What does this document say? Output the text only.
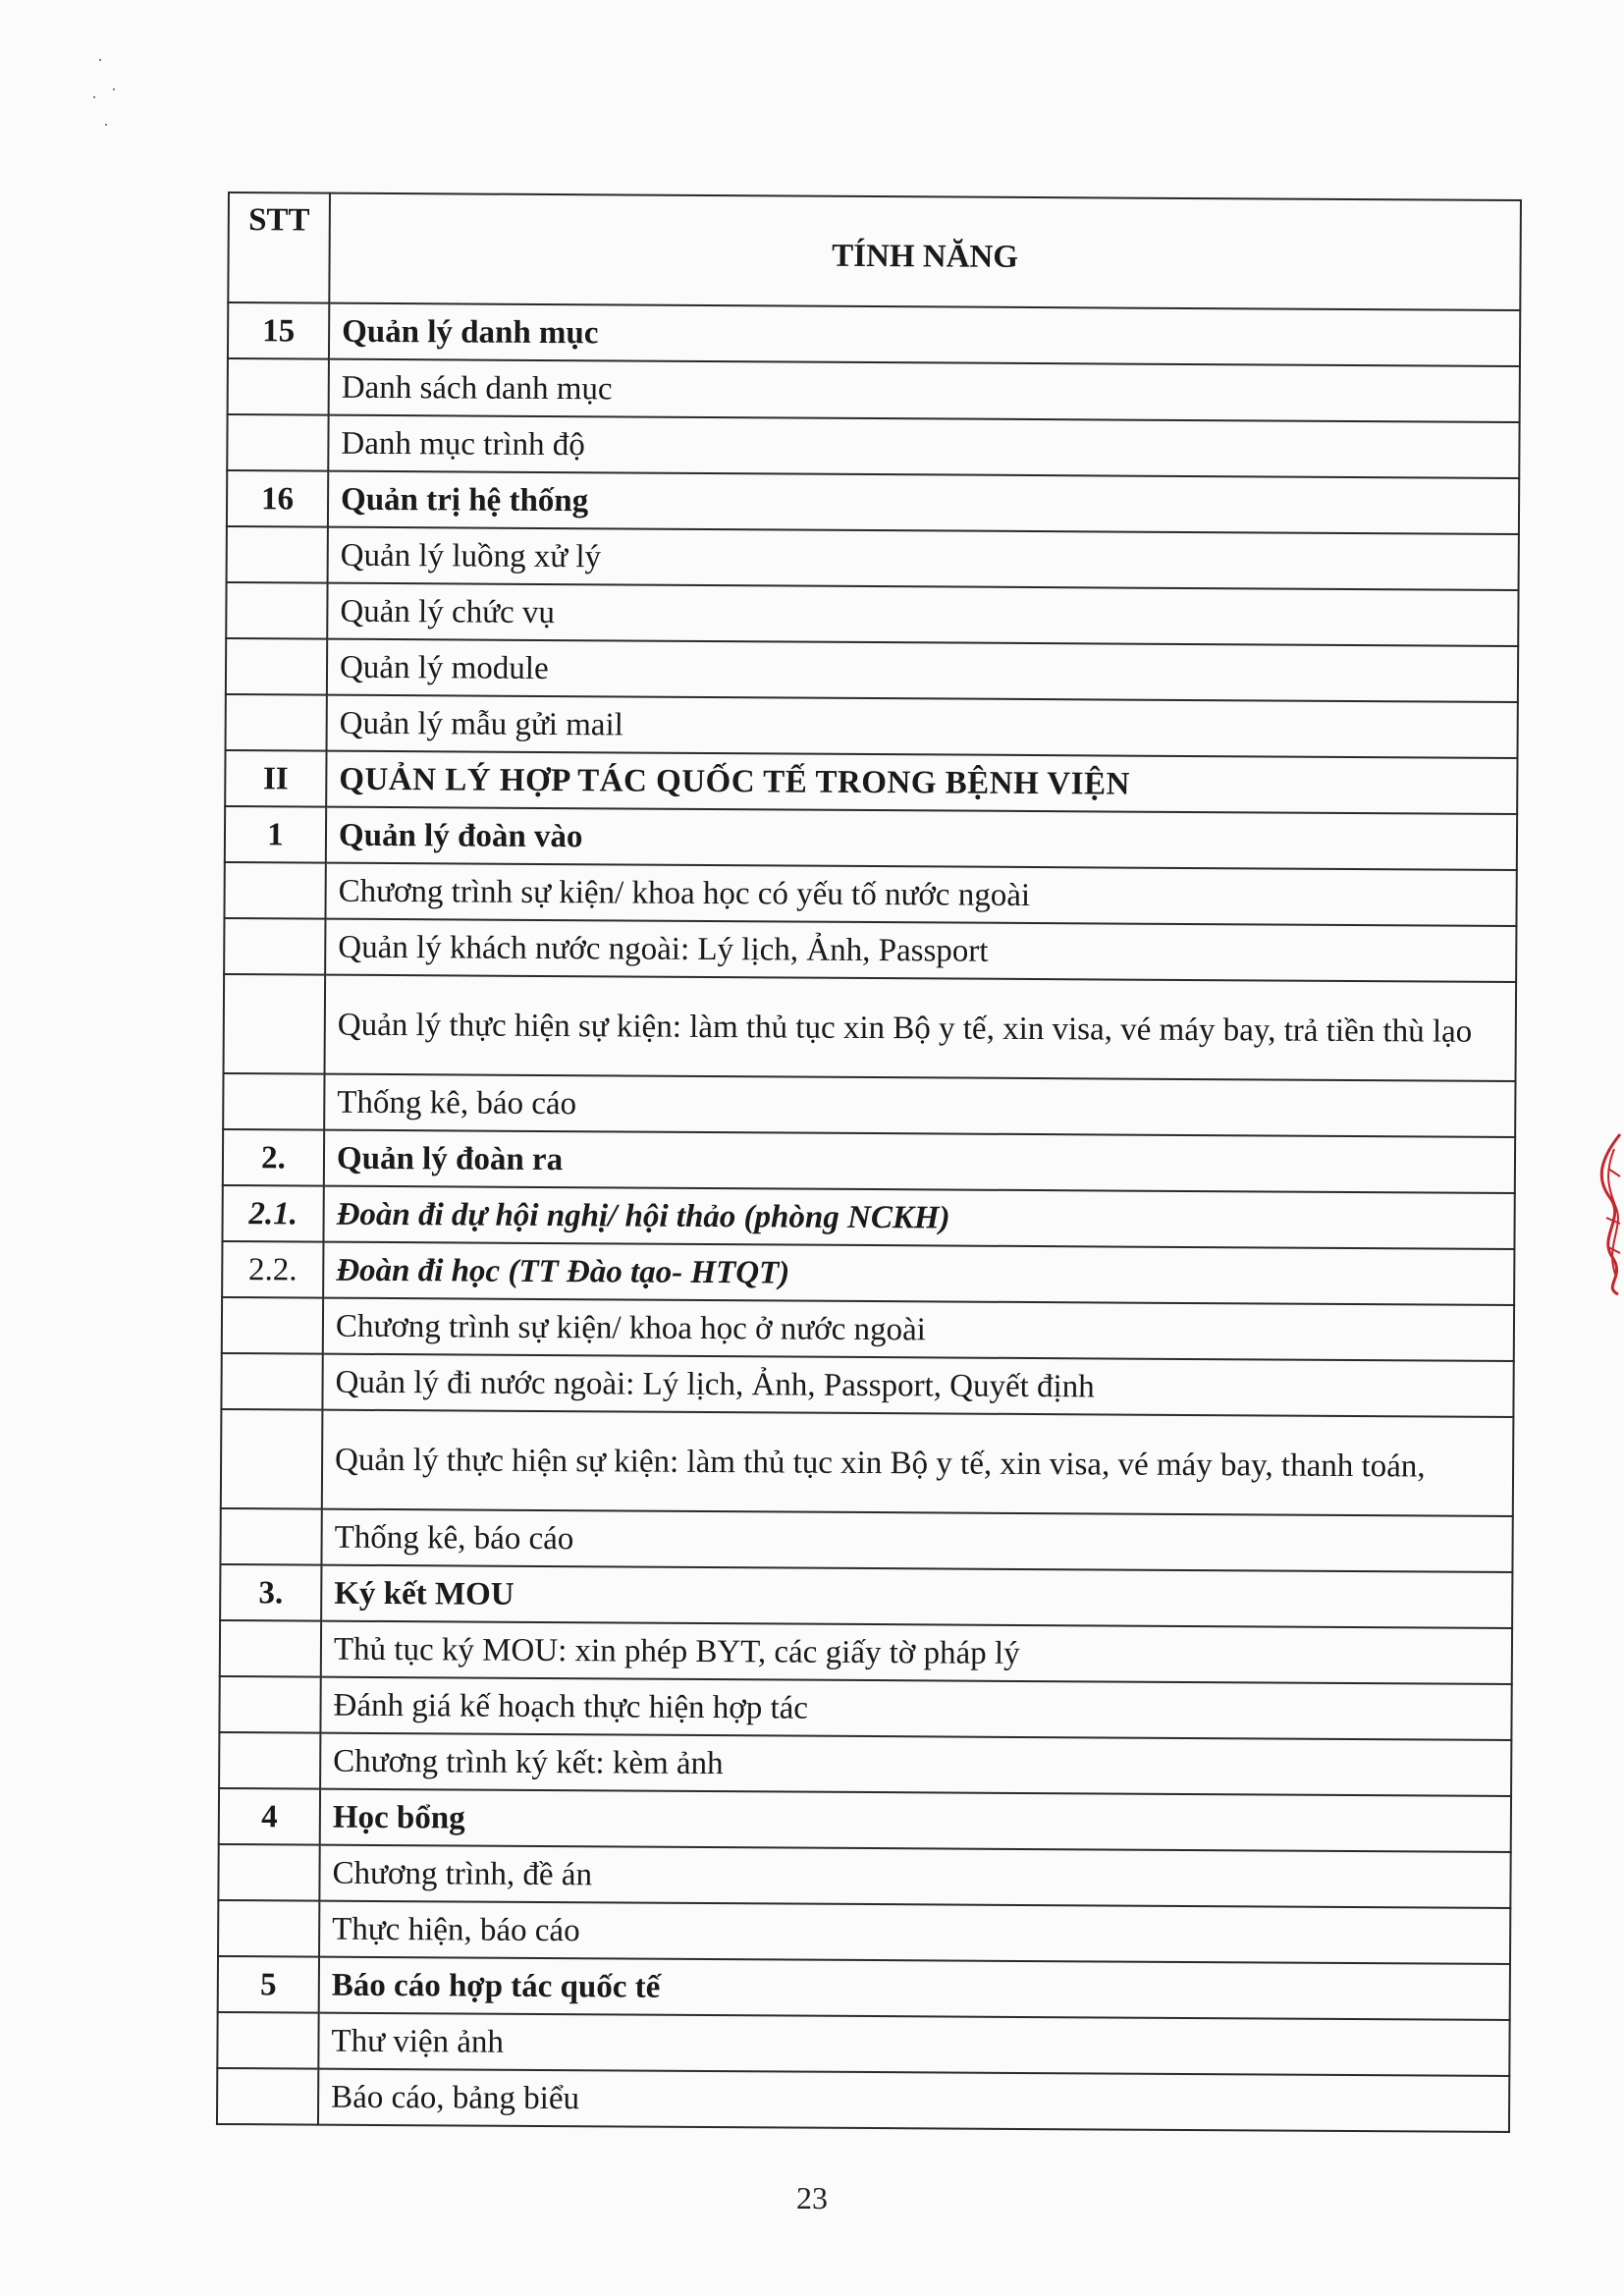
STT	TÍNH NĂNG
15	Quản lý danh mục
	Danh sách danh mục
	Danh mục trình độ
16	Quản trị hệ thống
	Quản lý luồng xử lý
	Quản lý chức vụ
	Quản lý module
	Quản lý mẫu gửi mail
II	QUẢN LÝ HỢP TÁC QUỐC TẾ TRONG BỆNH VIỆN
1	Quản lý đoàn vào
	Chương trình sự kiện/ khoa học có yếu tố nước ngoài
	Quản lý khách nước ngoài: Lý lịch, Ảnh, Passport
	Quản lý thực hiện sự kiện: làm thủ tục xin Bộ y tế, xin visa, vé máy bay, trả tiền thù lạo
	Thống kê, báo cáo
2.	Quản lý đoàn ra
2.1.	Đoàn đi dự hội nghị/ hội thảo (phòng NCKH)
2.2.	Đoàn đi học (TT Đào tạo- HTQT)
	Chương trình sự kiện/ khoa học ở nước ngoài
	Quản lý đi nước ngoài: Lý lịch, Ảnh, Passport, Quyết định
	Quản lý thực hiện sự kiện: làm thủ tục xin Bộ y tế, xin visa, vé máy bay, thanh toán,
	Thống kê, báo cáo
3.	Ký kết MOU
	Thủ tục ký MOU: xin phép BYT, các giấy tờ pháp lý
	Đánh giá kế hoạch thực hiện hợp tác
	Chương trình ký kết: kèm ảnh
4	Học bổng
	Chương trình, đề án
	Thực hiện, báo cáo
5	Báo cáo hợp tác quốc tế
	Thư viện ảnh
	Báo cáo, bảng biểu
23
